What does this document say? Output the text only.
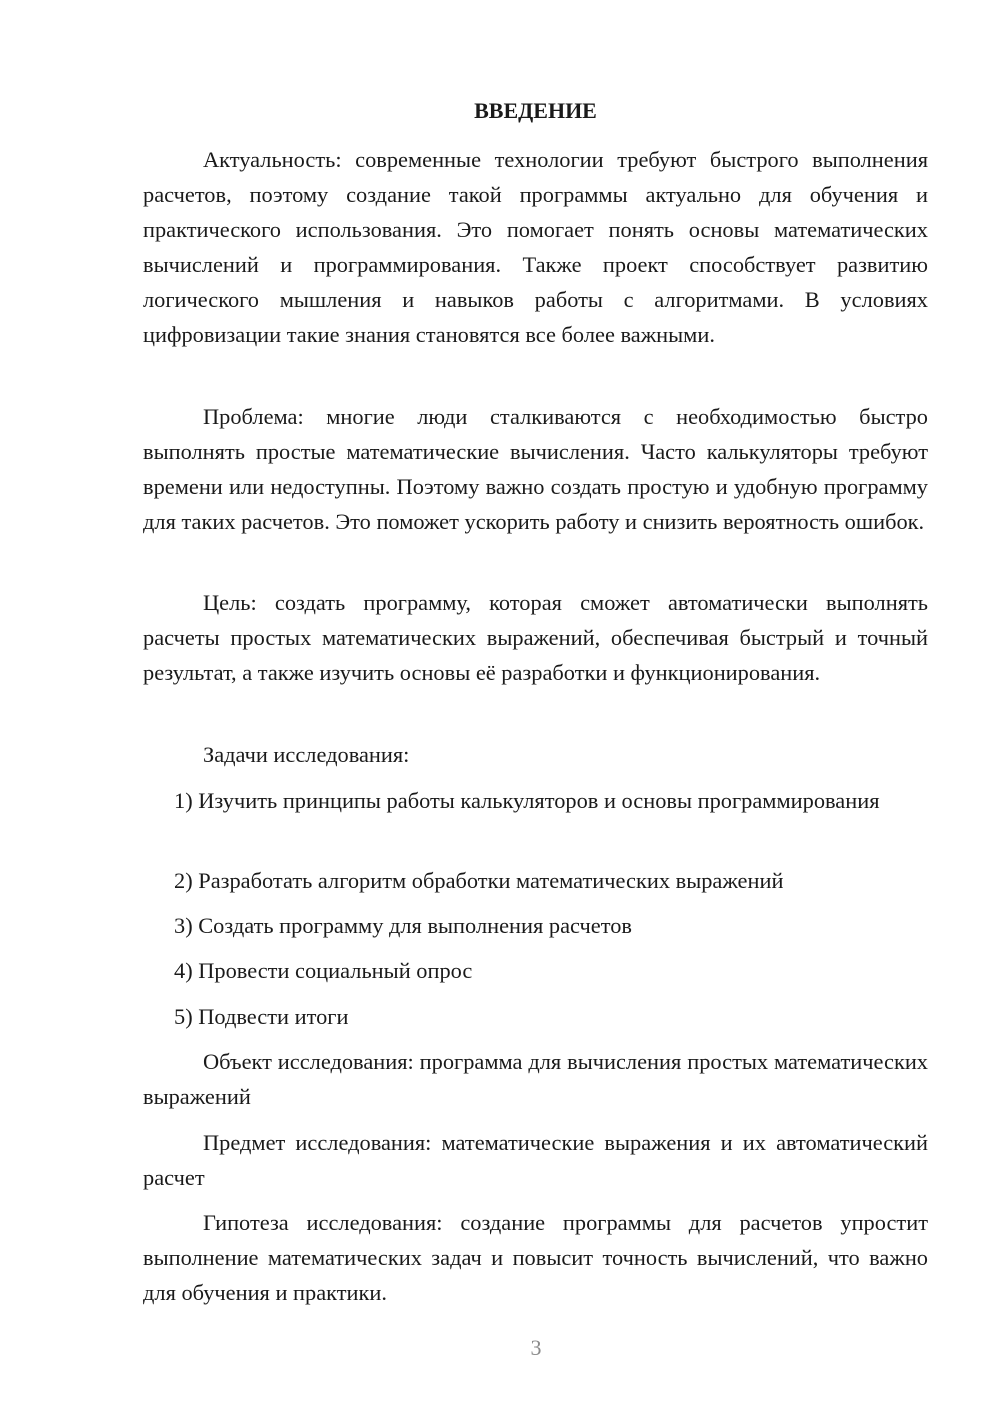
ВВЕДЕНИЕ

Актуальность: современные технологии требуют быстрого выполнения расчетов, поэтому создание такой программы актуально для обучения и практического использования. Это помогает понять основы математических вычислений и программирования. Также проект способствует развитию логического мышления и навыков работы с алгоритмами. В условиях цифровизации такие знания становятся все более важными.

Проблема: многие люди сталкиваются с необходимостью быстро выполнять простые математические вычисления. Часто калькуляторы требуют времени или недоступны. Поэтому важно создать простую и удобную программу для таких расчетов. Это поможет ускорить работу и снизить вероятность ошибок.

Цель: создать программу, которая сможет автоматически выполнять расчеты простых математических выражений, обеспечивая быстрый и точный результат, а также изучить основы её разработки и функционирования.

Задачи исследования:

1) Изучить принципы работы калькуляторов и основы программирования

2) Разработать алгоритм обработки математических выражений

3) Создать программу для выполнения расчетов

4) Провести социальный опрос

5) Подвести итоги

Объект исследования: программа для вычисления простых математических выражений

Предмет исследования: математические выражения и их автоматический расчет

Гипотеза исследования: создание программы для расчетов упростит выполнение математических задач и повысит точность вычислений, что важно для обучения и практики.

3
